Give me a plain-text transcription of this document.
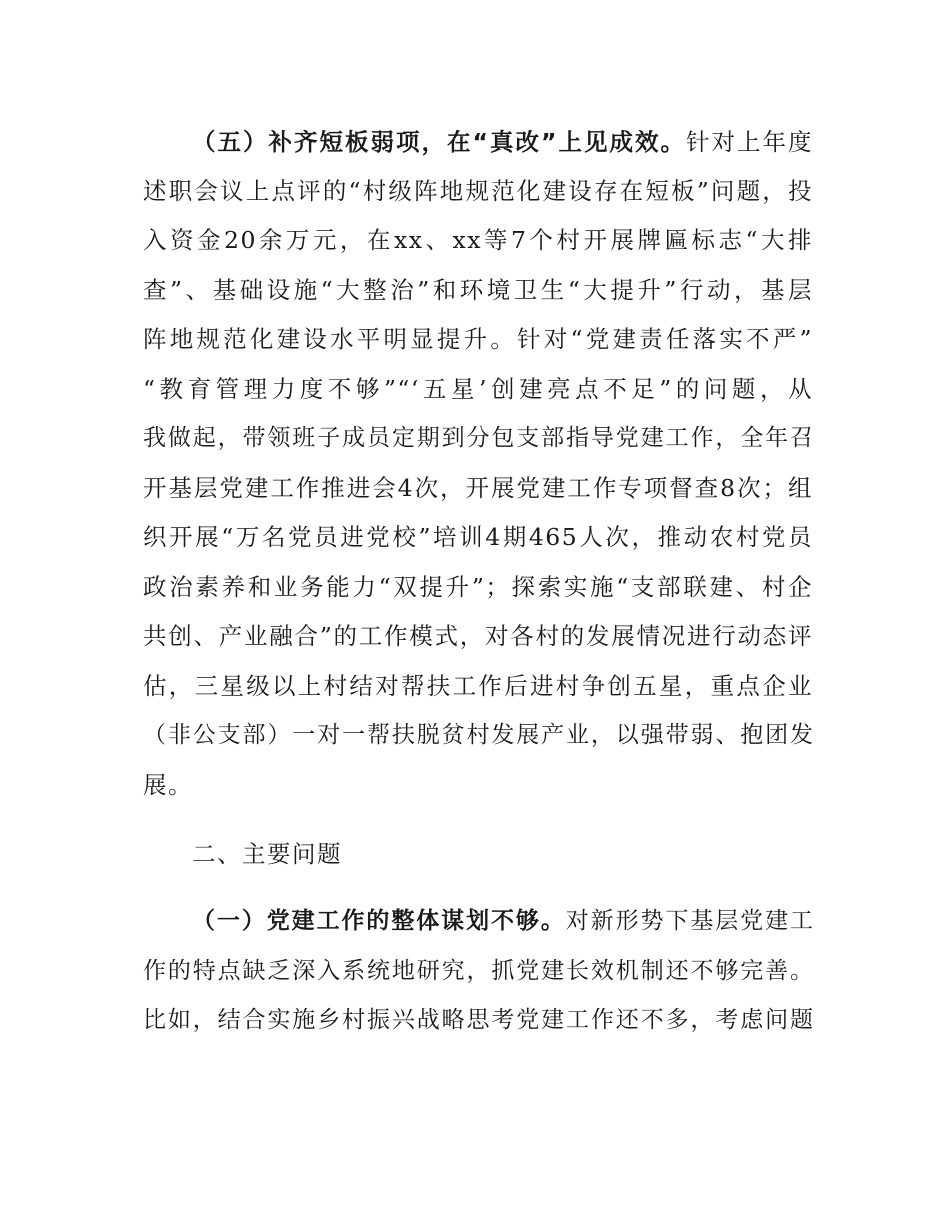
（五）补齐短板弱项，在“真改”上见成效。针对上年度
述职会议上点评的“村级阵地规范化建设存在短板”问题，投
入资金20余万元，在xx、xx等7个村开展牌匾标志“大排
查”、基础设施“大整治”和环境卫生“大提升”行动，基层
阵地规范化建设水平明显提升。针对“党建责任落实不严”
“教育管理力度不够”“‘五星’创建亮点不足”的问题，从
我做起，带领班子成员定期到分包支部指导党建工作，全年召
开基层党建工作推进会4次，开展党建工作专项督查8次；组
织开展“万名党员进党校”培训4期465人次，推动农村党员
政治素养和业务能力“双提升”；探索实施“支部联建、村企
共创、产业融合”的工作模式，对各村的发展情况进行动态评
估，三星级以上村结对帮扶工作后进村争创五星，重点企业
（非公支部）一对一帮扶脱贫村发展产业，以强带弱、抱团发
展。
二、主要问题
（一）党建工作的整体谋划不够。对新形势下基层党建工
作的特点缺乏深入系统地研究，抓党建长效机制还不够完善。
比如，结合实施乡村振兴战略思考党建工作还不多，考虑问题
